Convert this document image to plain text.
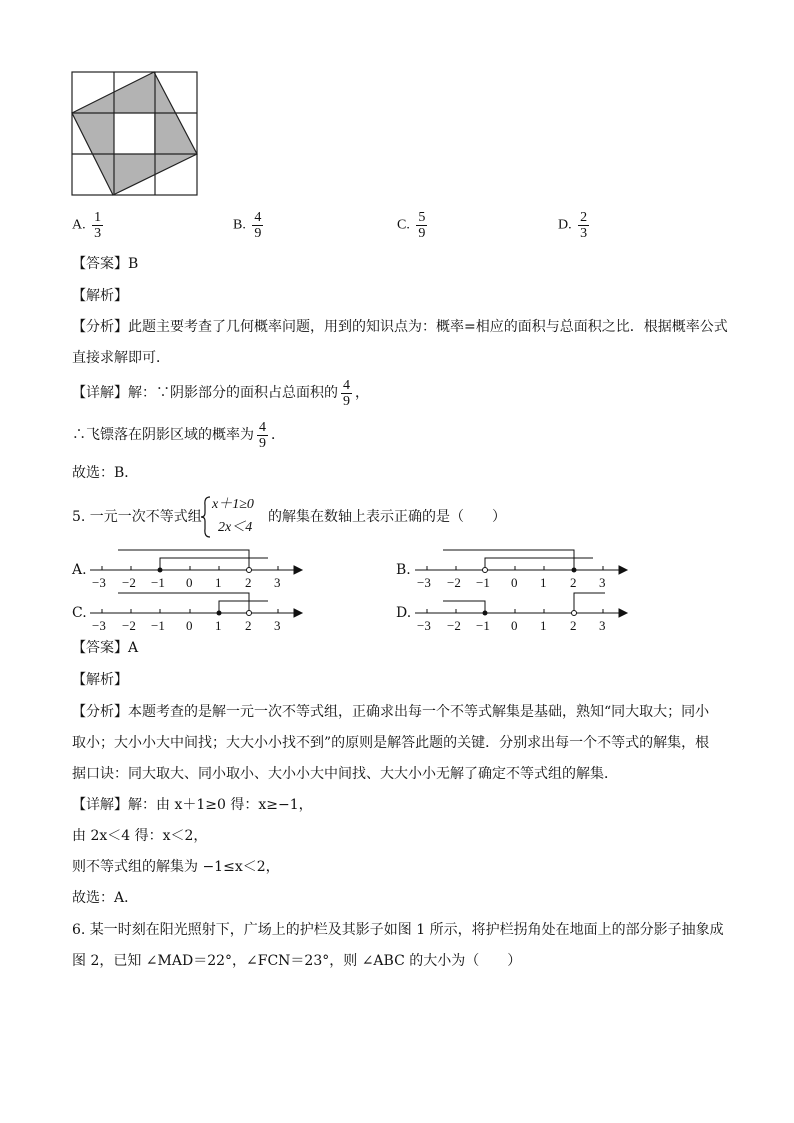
A. $\frac{1}{3}$	B. $\frac{4}{9}$	C. $\frac{5}{9}$	D. $\frac{2}{3}$
【答案】B
【解析】
【分析】此题主要考查了几何概率问题，用到的知识点为：概率=相应的面积与总面积之比．根据概率公式
直接求解即可．
【详解】解：∵阴影部分的面积占总面积的 $\frac{4}{9}$ ，
∴飞镖落在阴影区域的概率为 $\frac{4}{9}$ ．
故选：B．
5. 一元一次不等式组
x＋1≥0
2x＜4
的解集在数轴上表示正确的是（　　）
A.
−3 −2 −1 0 1 2 3
B.
−3 −2 −1 0 1 2 3
C.
−3 −2 −1 0 1 2 3
D.
−3 −2 −1 0 1 2 3
【答案】A
【解析】
【分析】本题考查的是解一元一次不等式组，正确求出每一个不等式解集是基础，熟知“同大取大；同小
取小；大小小大中间找；大大小小找不到”的原则是解答此题的关键．分别求出每一个不等式的解集，根
据口诀：同大取大、同小取小、大小小大中间找、大大小小无解了确定不等式组的解集．
【详解】解：由 x＋1≥0 得：x≥−1，
由 2x＜4 得：x＜2，
则不等式组的解集为 −1≤x＜2，
故选：A．
6. 某一时刻在阳光照射下，广场上的护栏及其影子如图 1 所示，将护栏拐角处在地面上的部分影子抽象成
图 2，已知 ∠MAD＝22°，∠FCN＝23°，则 ∠ABC 的大小为（　　）
